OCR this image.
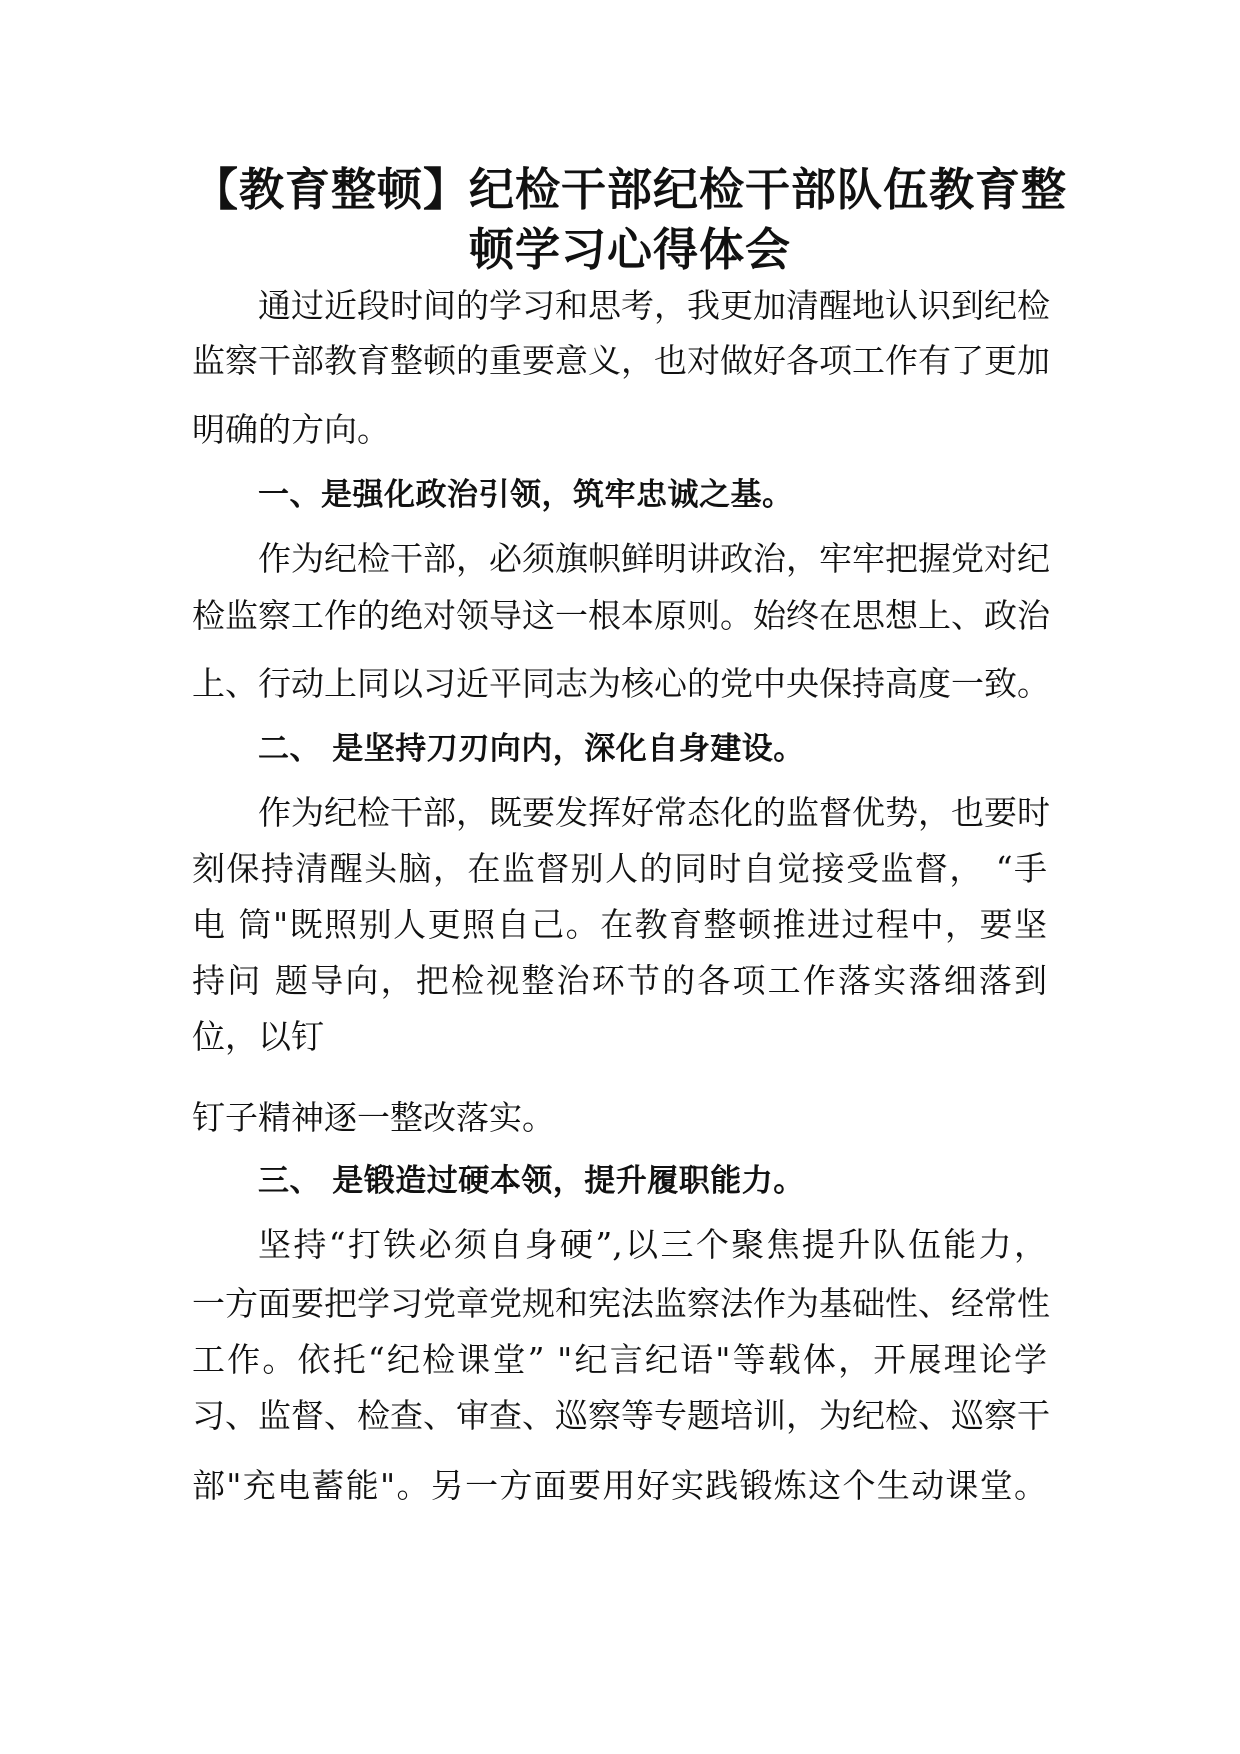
【教育整顿】纪检干部纪检干部队伍教育整
顿学习心得体会
通过近段时间的学习和思考，我更加清醒地认识到纪检
监察干部教育整顿的重要意义，也对做好各项工作有了更加
明确的方向。
一、是强化政治引领，筑牢忠诚之基。
作为纪检干部，必须旗帜鲜明讲政治，牢牢把握党对纪
检监察工作的绝对领导这一根本原则。始终在思想上、政治
上、行动上同以习近平同志为核心的党中央保持高度一致。
二、 是坚持刀刃向内，深化自身建设。
作为纪检干部，既要发挥好常态化的监督优势，也要时
刻保持清醒头脑，在监督别人的同时自觉接受监督， “手
电 筒"既照别人更照自己。在教育整顿推进过程中，要坚
持问 题导向，把检视整治环节的各项工作落实落细落到
位，以钉
钉子精神逐一整改落实。
三、 是锻造过硬本领，提升履职能力。
坚持“打铁必须自身硬”,以三个聚焦提升队伍能力，
一方面要把学习党章党规和宪法监察法作为基础性、经常性
工作。依托“纪检课堂” "纪言纪语"等载体，开展理论学
习、监督、检查、审查、巡察等专题培训，为纪检、巡察干
部"充电蓄能"。另一方面要用好实践锻炼这个生动课堂。
